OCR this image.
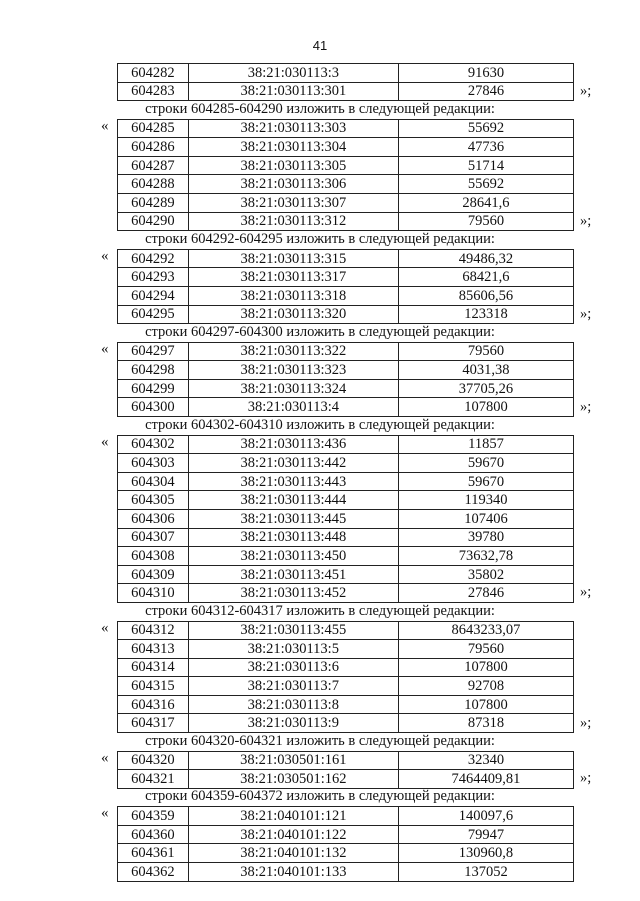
41
604282	38:21:030113:3	91630
604283	38:21:030113:301	27846	»;
строки 604285-604290 изложить в следующей редакции:
« 604285	38:21:030113:303	55692
604286	38:21:030113:304	47736
604287	38:21:030113:305	51714
604288	38:21:030113:306	55692
604289	38:21:030113:307	28641,6
604290	38:21:030113:312	79560	»;
строки 604292-604295 изложить в следующей редакции:
« 604292	38:21:030113:315	49486,32
604293	38:21:030113:317	68421,6
604294	38:21:030113:318	85606,56
604295	38:21:030113:320	123318	»;
строки 604297-604300 изложить в следующей редакции:
« 604297	38:21:030113:322	79560
604298	38:21:030113:323	4031,38
604299	38:21:030113:324	37705,26
604300	38:21:030113:4	107800	»;
строки 604302-604310 изложить в следующей редакции:
« 604302	38:21:030113:436	11857
604303	38:21:030113:442	59670
604304	38:21:030113:443	59670
604305	38:21:030113:444	119340
604306	38:21:030113:445	107406
604307	38:21:030113:448	39780
604308	38:21:030113:450	73632,78
604309	38:21:030113:451	35802
604310	38:21:030113:452	27846	»;
строки 604312-604317 изложить в следующей редакции:
« 604312	38:21:030113:455	8643233,07
604313	38:21:030113:5	79560
604314	38:21:030113:6	107800
604315	38:21:030113:7	92708
604316	38:21:030113:8	107800
604317	38:21:030113:9	87318	»;
строки 604320-604321 изложить в следующей редакции:
« 604320	38:21:030501:161	32340
604321	38:21:030501:162	7464409,81	»;
строки 604359-604372 изложить в следующей редакции:
« 604359	38:21:040101:121	140097,6
604360	38:21:040101:122	79947
604361	38:21:040101:132	130960,8
604362	38:21:040101:133	137052
